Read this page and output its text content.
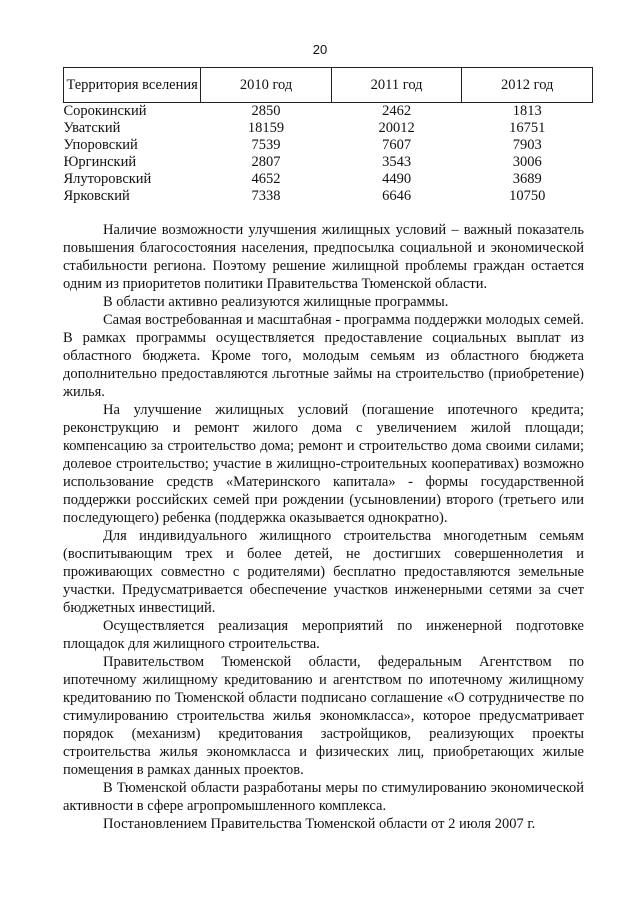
20
Территория вселения	2010 год	2011 год	2012 год
Сорокинский	2850	2462	1813
Уватский	18159	20012	16751
Упоровский	7539	7607	7903
Юргинский	2807	3543	3006
Ялуторовский	4652	4490	3689
Ярковский	7338	6646	10750

Наличие возможности улучшения жилищных условий – важный показатель повышения благосостояния населения, предпосылка социальной и экономической стабильности региона. Поэтому решение жилищной проблемы граждан остается одним из приоритетов политики Правительства Тюменской области.

В области активно реализуются жилищные программы.

Самая востребованная и масштабная - программа поддержки молодых семей. В рамках программы осуществляется предоставление социальных выплат из областного бюджета. Кроме того, молодым семьям из областного бюджета дополнительно предоставляются льготные займы на строительство (приобретение) жилья.

На улучшение жилищных условий (погашение ипотечного кредита; реконструкцию и ремонт жилого дома с увеличением жилой площади; компенсацию за строительство дома; ремонт и строительство дома своими силами; долевое строительство; участие в жилищно-строительных кооперативах) возможно использование средств «Материнского капитала» - формы государственной поддержки российских семей при рождении (усыновлении) второго (третьего или последующего) ребенка (поддержка оказывается однократно).

Для индивидуального жилищного строительства многодетным семьям (воспитывающим трех и более детей, не достигших совершеннолетия и проживающих совместно с родителями) бесплатно предоставляются земельные участки. Предусматривается обеспечение участков инженерными сетями за счет бюджетных инвестиций.

Осуществляется реализация мероприятий по инженерной подготовке площадок для жилищного строительства.

Правительством Тюменской области, федеральным Агентством по ипотечному жилищному кредитованию и агентством по ипотечному жилищному кредитованию по Тюменской области подписано соглашение «О сотрудничестве по стимулированию строительства жилья экономкласса», которое предусматривает порядок (механизм) кредитования застройщиков, реализующих проекты строительства жилья экономкласса и физических лиц, приобретающих жилые помещения в рамках данных проектов.

В Тюменской области разработаны меры по стимулированию экономической активности в сфере агропромышленного комплекса.

Постановлением Правительства Тюменской области от 2 июля 2007 г.
